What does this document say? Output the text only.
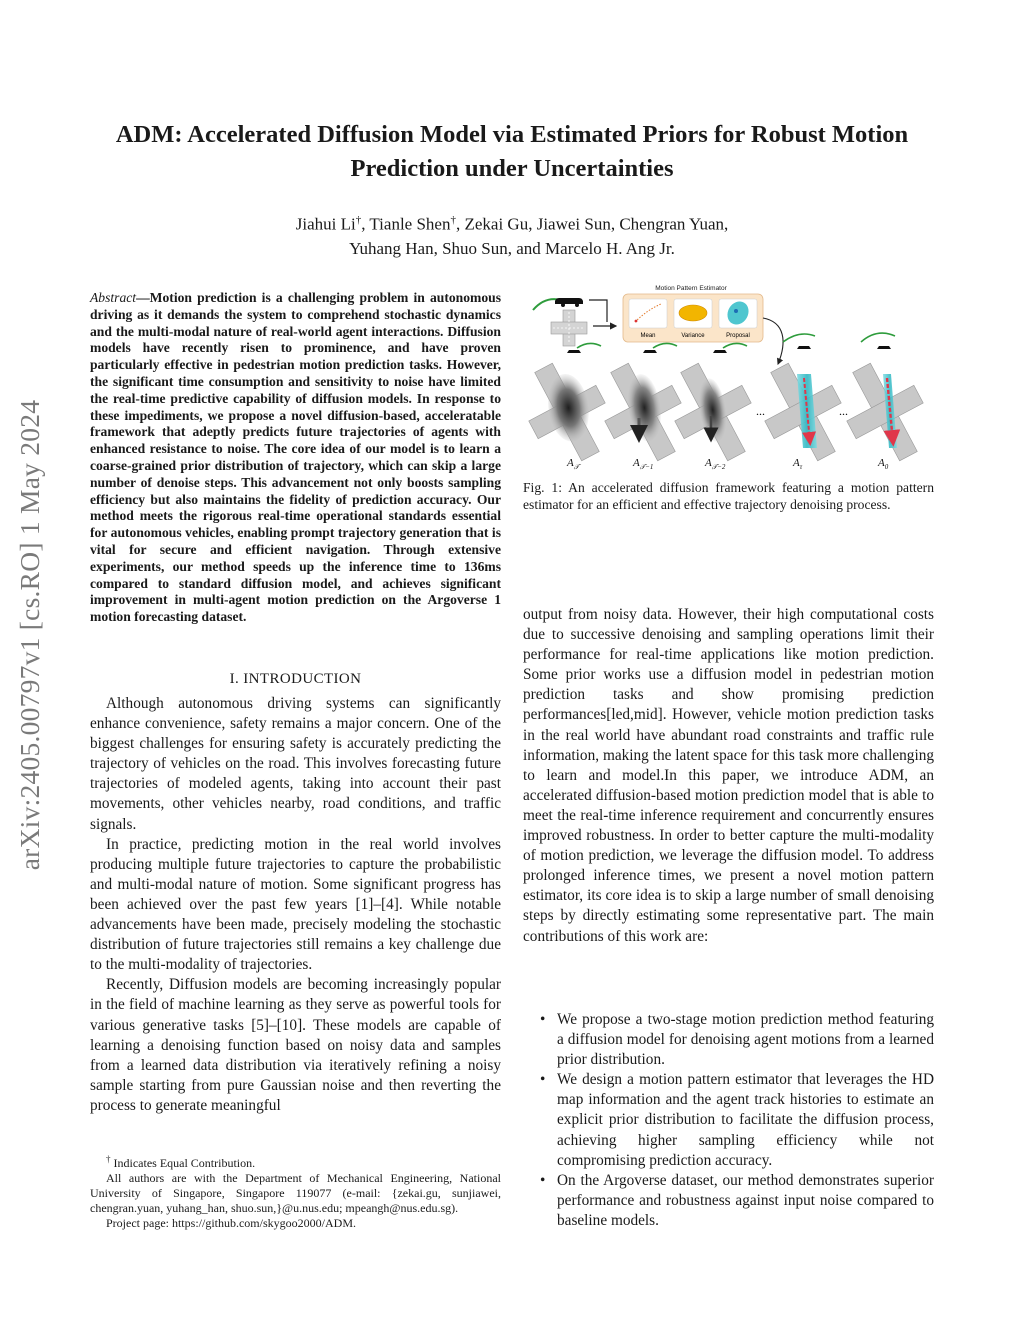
arXiv:2405.00797v1 [cs.RO] 1 May 2024
ADM: Accelerated Diffusion Model via Estimated Priors for Robust Motion Prediction under Uncertainties
Jiahui Li†, Tianle Shen†, Zekai Gu, Jiawei Sun, Chengran Yuan,
Yuhang Han, Shuo Sun, and Marcelo H. Ang Jr.
Abstract—Motion prediction is a challenging problem in autonomous driving as it demands the system to comprehend stochastic dynamics and the multi-modal nature of real-world agent interactions. Diffusion models have recently risen to prominence, and have proven particularly effective in pedestrian motion prediction tasks. However, the significant time consumption and sensitivity to noise have limited the real-time predictive capability of diffusion models. In response to these impediments, we propose a novel diffusion-based, acceleratable framework that adeptly predicts future trajectories of agents with enhanced resistance to noise. The core idea of our model is to learn a coarse-grained prior distribution of trajectory, which can skip a large number of denoise steps. This advancement not only boosts sampling efficiency but also maintains the fidelity of prediction accuracy. Our method meets the rigorous real-time operational standards essential for autonomous vehicles, enabling prompt trajectory generation that is vital for secure and efficient navigation. Through extensive experiments, our method speeds up the inference time to 136ms compared to standard diffusion model, and achieves significant improvement in multi-agent motion prediction on the Argoverse 1 motion forecasting dataset.
I. INTRODUCTION

Although autonomous driving systems can significantly enhance convenience, safety remains a major concern. One of the biggest challenges for ensuring safety is accurately predicting the trajectory of vehicles on the road. This involves forecasting future trajectories of modeled agents, taking into account their past movements, other vehicles nearby, road conditions, and traffic signals.

In practice, predicting motion in the real world involves producing multiple future trajectories to capture the probabilistic and multi-modal nature of motion. Some significant progress has been achieved over the past few years [1]–[4]. While notable advancements have been made, precisely modeling the stochastic distribution of future trajectories still remains a key challenge due to the multi-modality of trajectories.

Recently, Diffusion models are becoming increasingly popular in the field of machine learning as they serve as powerful tools for various generative tasks [5]–[10]. These models are capable of learning a denoising function based on noisy data and samples from a learned data distribution via iteratively refining a noisy sample starting from pure Gaussian noise and then reverting the process to generate meaningful

† Indicates Equal Contribution.

All authors are with the Department of Mechanical Engineering, National University of Singapore, Singapore 119077 (e-mail: {zekai.gu, sunjiawei, chengran.yuan, yuhang_han, shuo.sun,}@u.nus.edu; mpeangh@nus.edu.sg).

Project page: https://github.com/skygoo2000/ADM.

Motion Pattern Estimator
Mean	Variance	Proposal
...	...
$A_𝒯$	$A_{𝒯-1}$	$A_{𝒯-2}$	$A_\tau$	$A_0$
Fig. 1: An accelerated diffusion framework featuring a motion pattern estimator for an efficient and effective trajectory denoising process.

output from noisy data. However, their high computational costs due to successive denoising and sampling operations limit their performance for real-time applications like motion prediction. Some prior works use a diffusion model in pedestrian motion prediction tasks and show promising prediction performances[led,mid]. However, vehicle motion prediction tasks in the real world have abundant road constraints and traffic rule information, making the latent space for this task more challenging to learn and model.In this paper, we introduce ADM, an accelerated diffusion-based motion prediction model that is able to meet the real-time inference requirement and concurrently ensures improved robustness. In order to better capture the multi-modality of motion prediction, we leverage the diffusion model. To address prolonged inference times, we present a novel motion pattern estimator, its core idea is to skip a large number of small denoising steps by directly estimating some representative part. The main contributions of this work are:

• We propose a two-stage motion prediction method featuring a diffusion model for denoising agent motions from a learned prior distribution.
• We design a motion pattern estimator that leverages the HD map information and the agent track histories to estimate an explicit prior distribution to facilitate the diffusion process, achieving higher sampling efficiency while not compromising prediction accuracy.
• On the Argoverse dataset, our method demonstrates superior performance and robustness against input noise compared to baseline models.
